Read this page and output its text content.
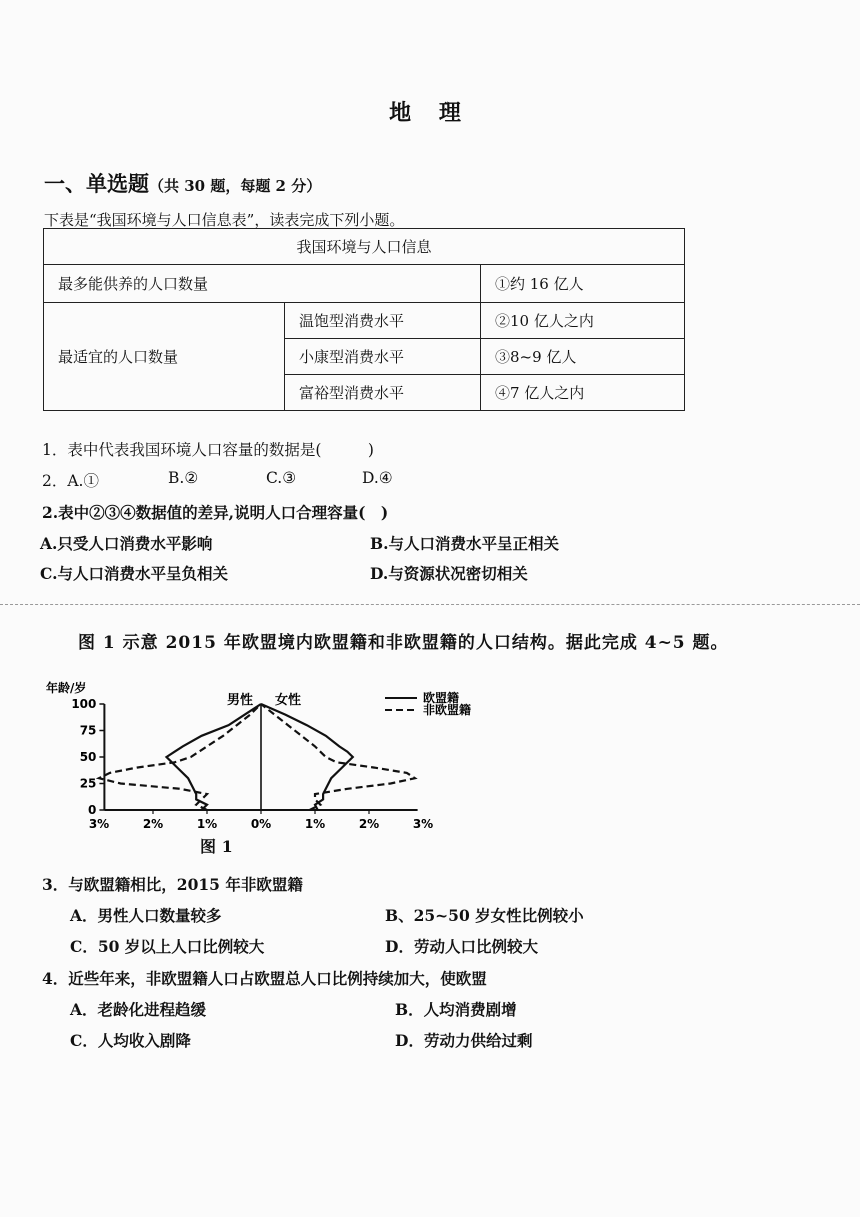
地 理
一、单选题（共 30 题，每题 2 分）
下表是“我国环境与人口信息表”，读表完成下列小题。
我国环境与人口信息		
最多能供养的人口数量		①约 16 亿人
最适宜的人口数量	温饱型消费水平	②10 亿人之内
	小康型消费水平	③8~9 亿人
	富裕型消费水平	④7 亿人之内
1．表中代表我国环境人口容量的数据是(　　　)
2．A.①	B.②	C.③	D.④
2.表中②③④数据值的差异,说明人口合理容量(　)
A.只受人口消费水平影响	B.与人口消费水平呈正相关
C.与人口消费水平呈负相关	D.与资源状况密切相关
图 1 示意 2015 年欧盟境内欧盟籍和非欧盟籍的人口结构。据此完成 4~5 题。
0
25
50
75
100
年龄/岁
3%	2%	1%	0%	1%	2%	3%
男性 女性	欧盟籍
非欧盟籍
图 1
3．与欧盟籍相比，2015 年非欧盟籍
A．男性人口数量较多	B、25~50 岁女性比例较小
C．50 岁以上人口比例较大	D．劳动人口比例较大
4．近些年来，非欧盟籍人口占欧盟总人口比例持续加大，使欧盟
A．老龄化进程趋缓	B．人均消费剧增
C．人均收入剧降	D．劳动力供给过剩
